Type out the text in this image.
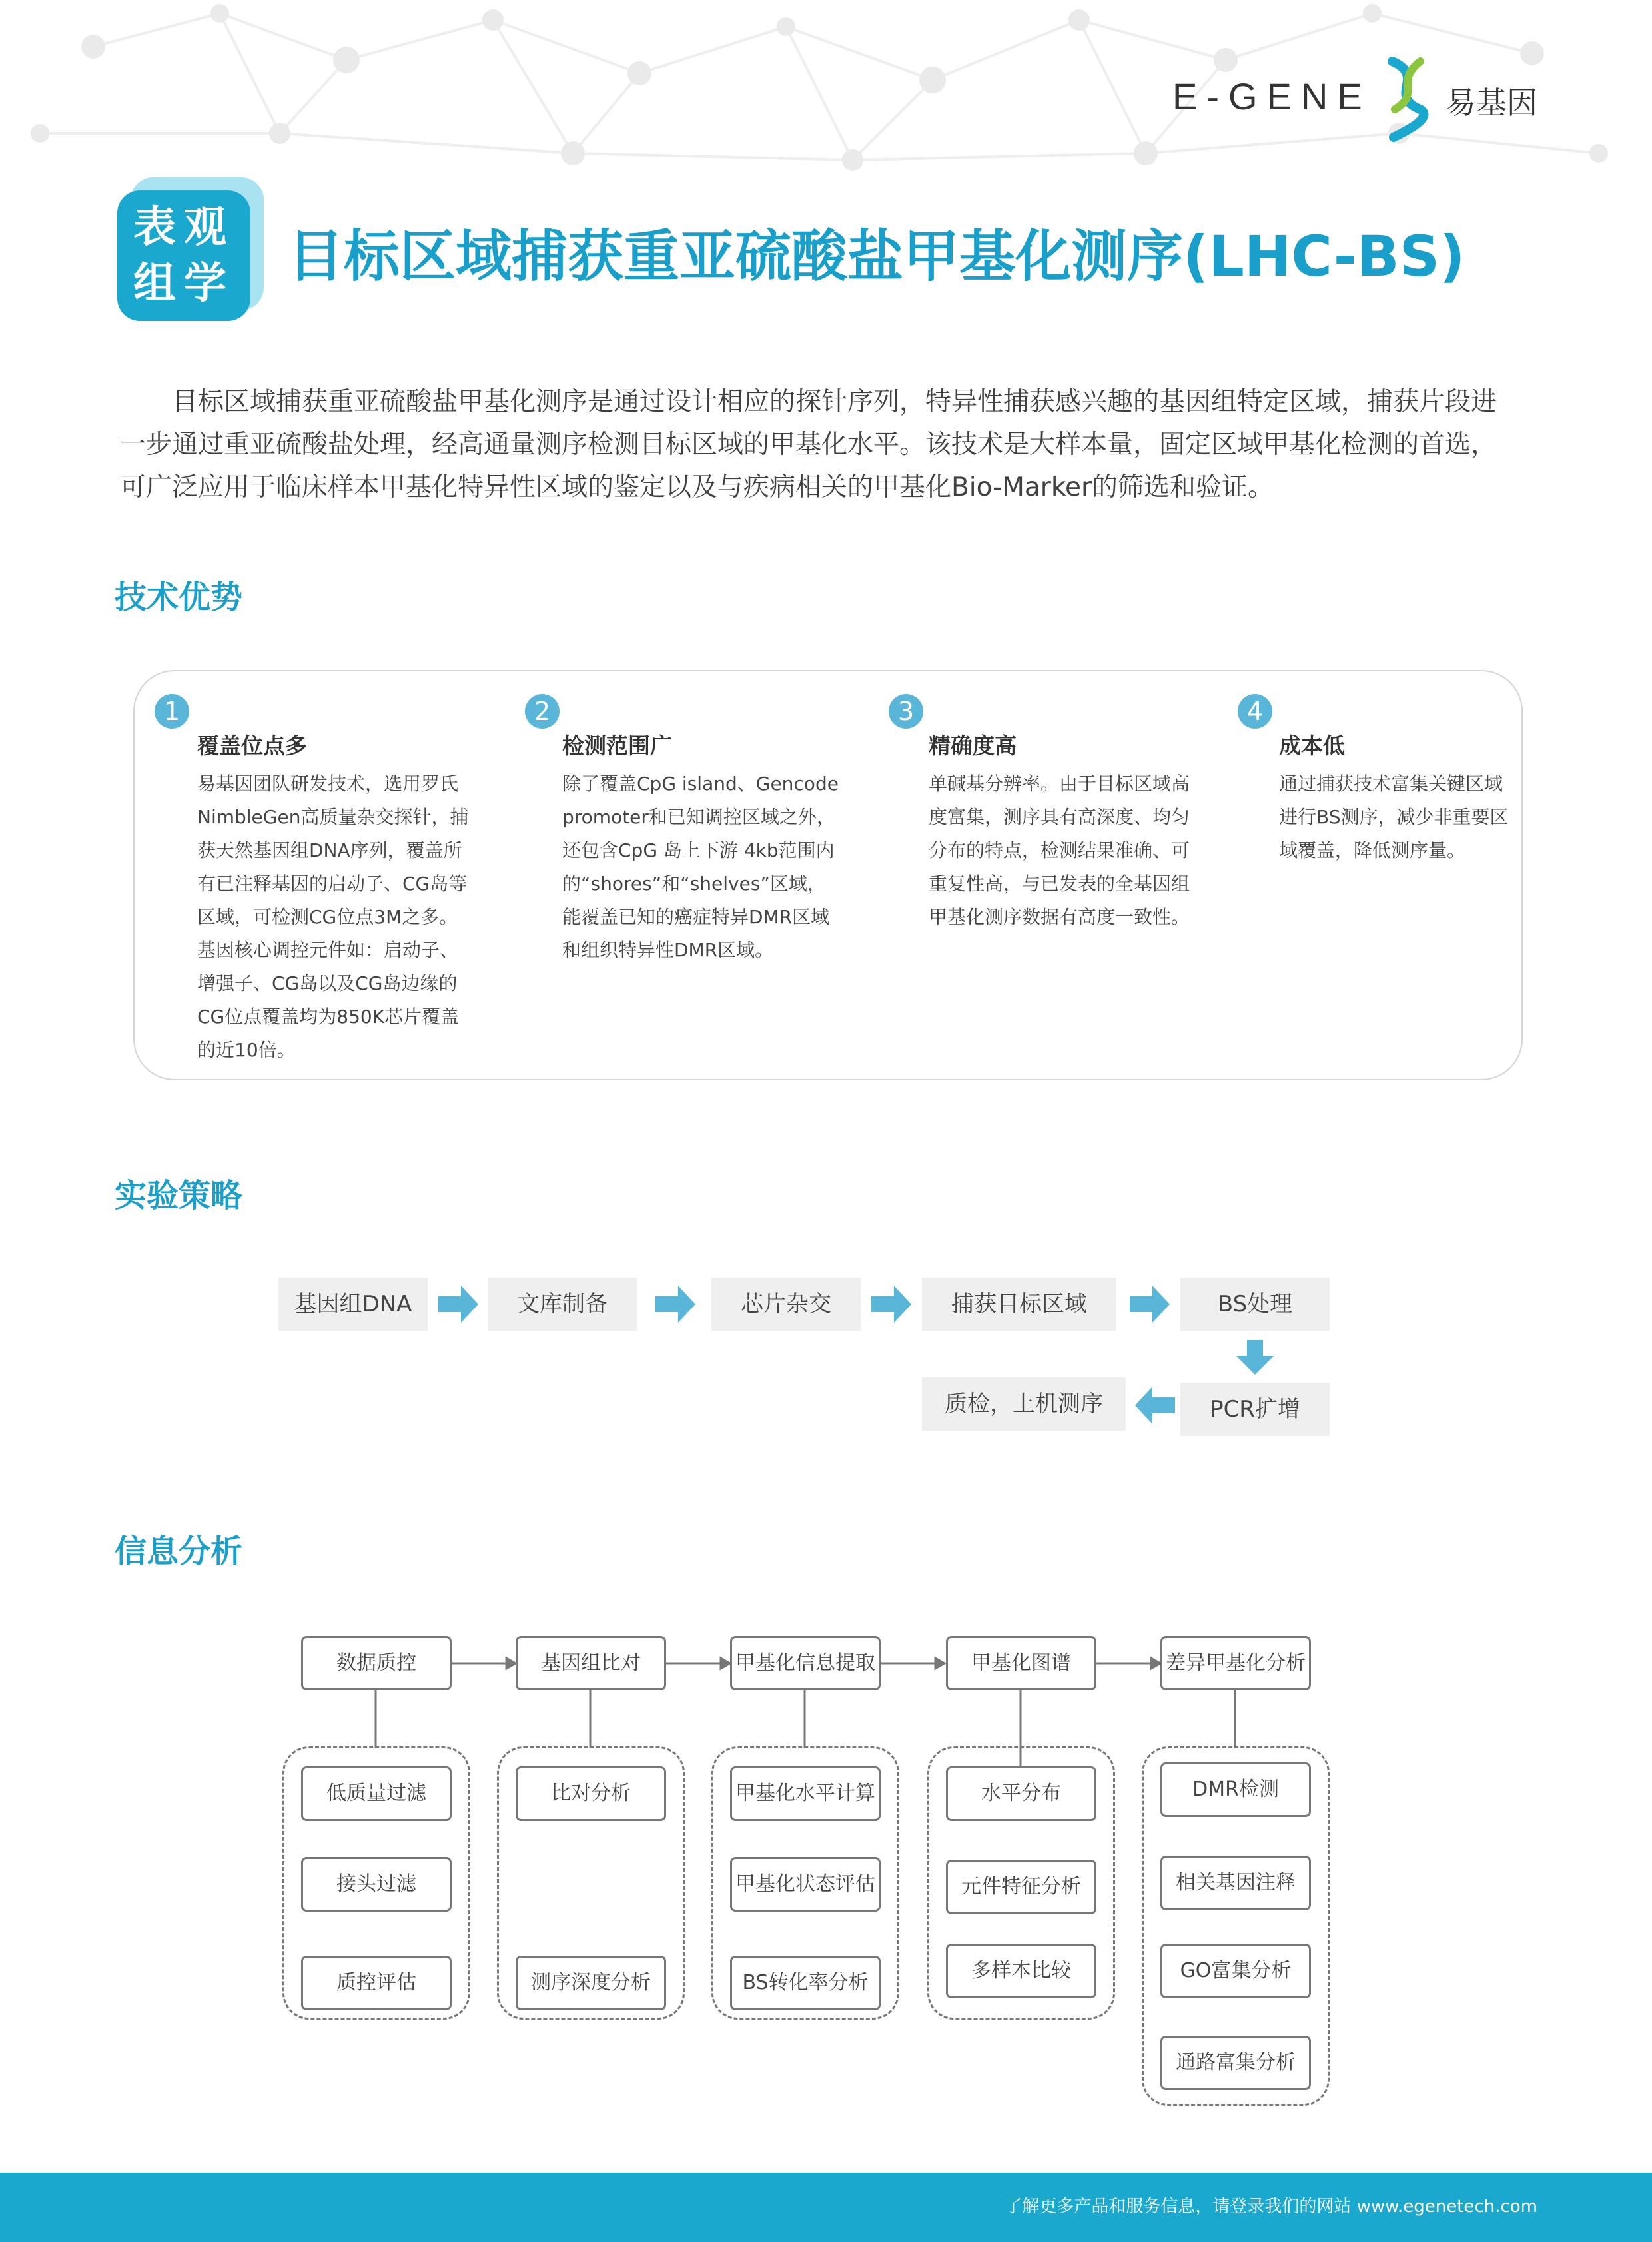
E-GENE 易基因
表观
组学 目标区域捕获重亚硫酸盐甲基化测序(LHC-BS)
目标区域捕获重亚硫酸盐甲基化测序是通过设计相应的探针序列，特异性捕获感兴趣的基因组特定区域，捕获片段进一步通过重亚硫酸盐处理，经高通量测序检测目标区域的甲基化水平。该技术是大样本量，固定区域甲基化检测的首选，可广泛应用于临床样本甲基化特异性区域的鉴定以及与疾病相关的甲基化Bio-Marker的筛选和验证。
技术优势
1
覆盖位点多
易基因团队研发技术，选用罗氏NimbleGen高质量杂交探针，捕获天然基因组DNA序列，覆盖所有已注释基因的启动子、CG岛等区域，可检测CG位点3M之多。基因核心调控元件如：启动子、增强子、CG岛以及CG岛边缘的CG位点覆盖均为850K芯片覆盖的近10倍。
2
检测范围广
除了覆盖CpG island、Gencode promoter和已知调控区域之外，还包含CpG 岛上下游 4kb范围内的“shores”和“shelves”区域，能覆盖已知的癌症特异DMR区域和组织特异性DMR区域。
3
精确度高
单碱基分辨率。由于目标区域高度富集，测序具有高深度、均匀分布的特点，检测结果准确、可重复性高，与已发表的全基因组甲基化测序数据有高度一致性。
4
成本低
通过捕获技术富集关键区域进行BS测序，减少非重要区域覆盖，降低测序量。
实验策略
基因组DNA	文库制备	芯片杂交	捕获目标区域	BS处理
PCR扩增
质检，上机测序
信息分析
数据质控
低质量过滤
接头过滤
质控评估
基因组比对
比对分析
测序深度分析
甲基化信息提取
甲基化水平计算
甲基化状态评估
BS转化率分析
甲基化图谱
水平分布
元件特征分析
多样本比较
差异甲基化分析
DMR检测
相关基因注释
GO富集分析
通路富集分析
了解更多产品和服务信息，请登录我们的网站 www.egenetech.com
